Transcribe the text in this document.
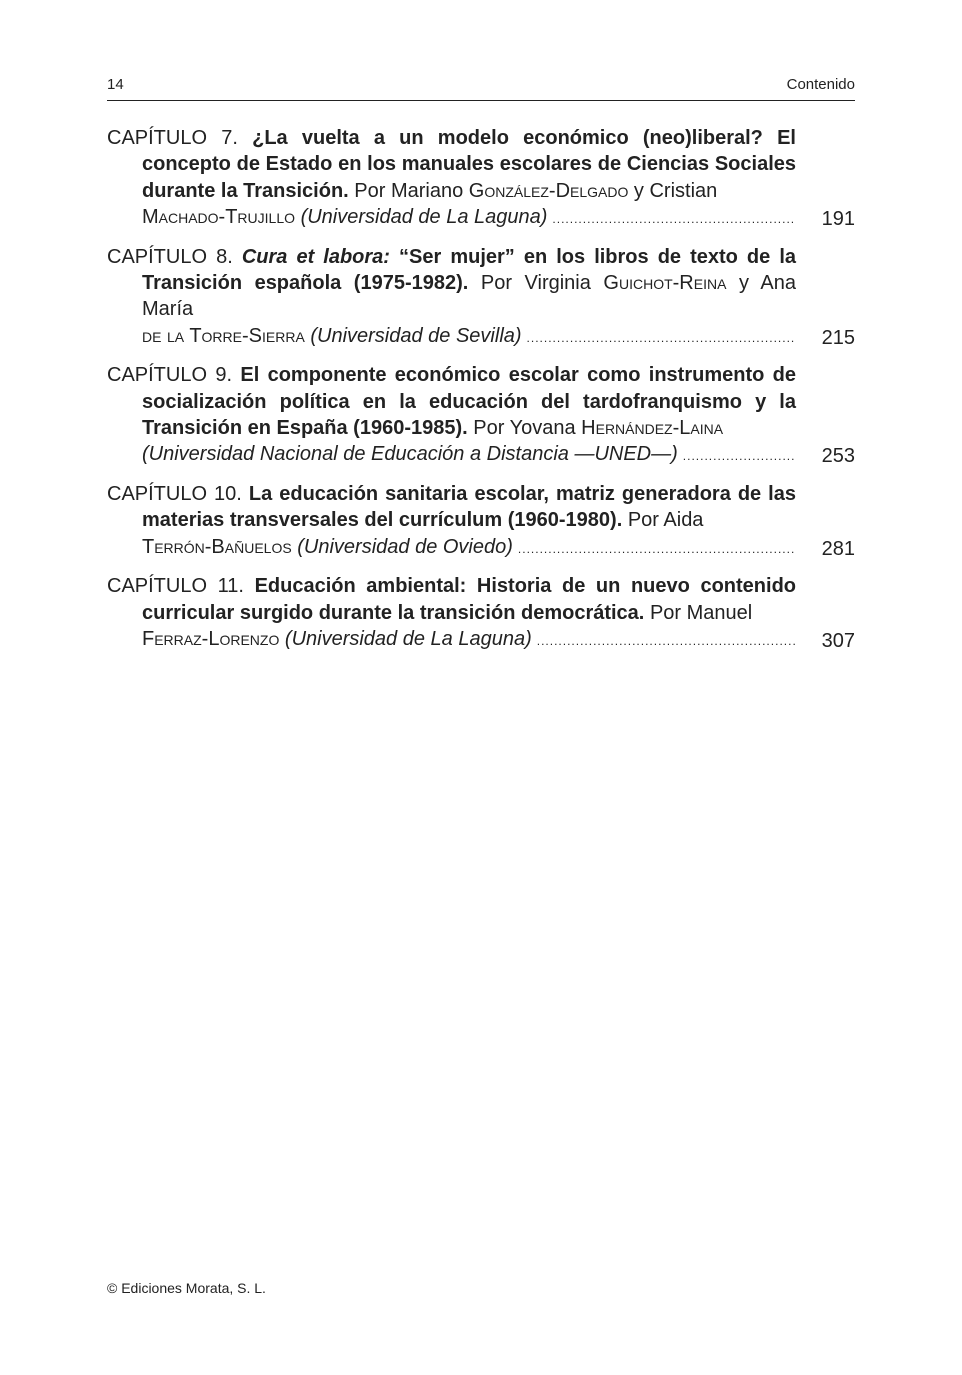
14	Contenido
CAPÍTULO 7. ¿La vuelta a un modelo económico (neo)liberal? El concepto de Estado en los manuales escolares de Ciencias Sociales durante la Transición. Por Mariano González-Delgado y Cristian
Machado-Trujillo
(Universidad de La Laguna) .....	191
CAPÍTULO 8. Cura et labora: “Ser mujer” en los libros de texto de la Transición española (1975-1982). Por Virginia Guichot-Reina y Ana María
de la Torre-Sierra
(Universidad de Sevilla) .....	215
CAPÍTULO 9. El componente económico escolar como instrumento de socialización política en la educación del tardofranquismo y la Transición en España (1960-1985). Por Yovana Hernández-Laina
(Universidad Nacional de Educación a Distancia —UNED—) .....	253
CAPÍTULO 10. La educación sanitaria escolar, matriz generadora de las materias transversales del currículum (1960-1980). Por Aida
Terrón-Bañuelos
(Universidad de Oviedo) .....	281
CAPÍTULO 11. Educación ambiental: Historia de un nuevo contenido curricular surgido durante la transición democrática. Por Manuel
Ferraz-Lorenzo
(Universidad de La Laguna) .....	307
© Ediciones Morata, S. L.
